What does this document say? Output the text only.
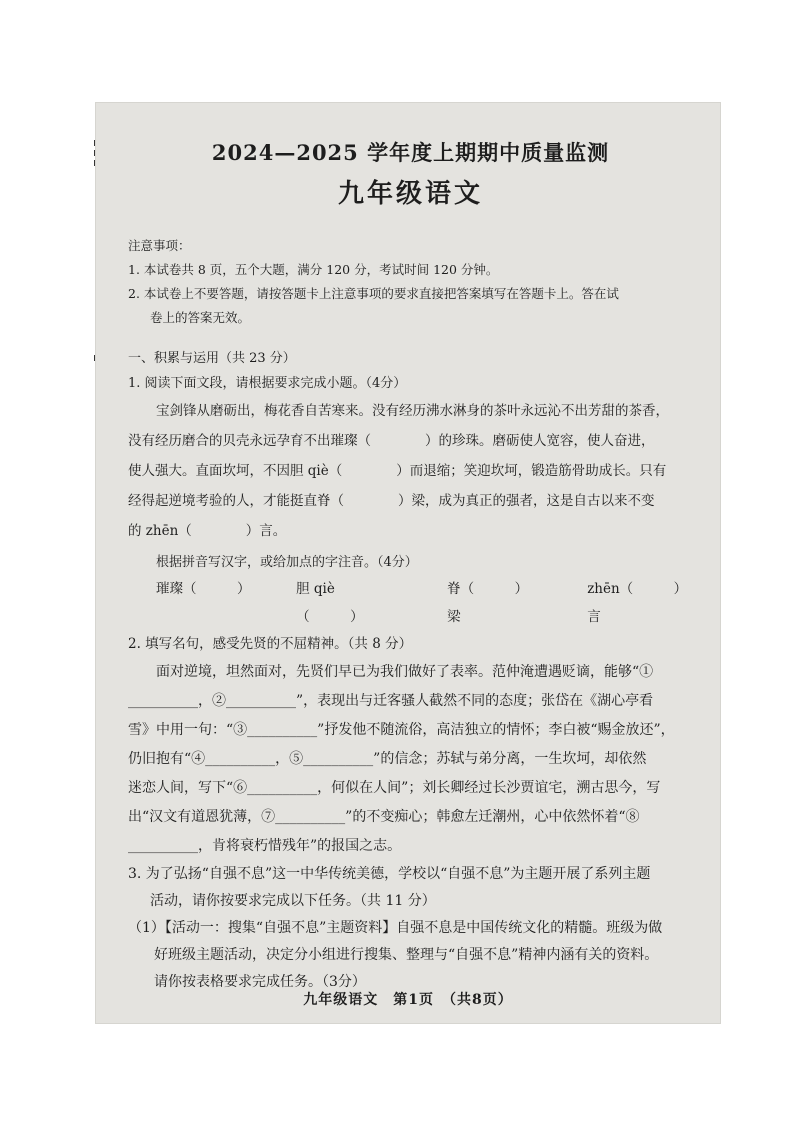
2024—2025 学年度上期期中质量监测
九年级语文
注意事项：

1. 本试卷共 8 页，五个大题，满分 120 分，考试时间 120 分钟。

2. 本试卷上不要答题，请按答题卡上注意事项的要求直接把答案填写在答题卡上。答在试

卷上的答案无效。

一、积累与运用（共 23 分）

1. 阅读下面文段，请根据要求完成小题。（4分）

宝剑锋从磨砺出，梅花香自苦寒来。没有经历沸水淋身的茶叶永远沁不出芳甜的茶香，

没有经历磨合的贝壳永远孕育不出璀璨（　　　　）的珍珠。磨砺使人宽容，使人奋进，

使人强大。直面坎坷，不因胆 qiè（　　　　）而退缩；笑迎坎坷，锻造筋骨助成长。只有

经得起逆境考验的人，才能挺直脊（　　　　）梁，成为真正的强者，这是自古以来不变

的 zhēn（　　　　）言。

根据拼音写汉字，或给加点的字注音。（4分）

璀璨（　　　）	胆 qiè（　　　）
脊（　　　）梁
zhēn（　　　）言

2. 填写名句，感受先贤的不屈精神。（共 8 分）

面对逆境，坦然面对，先贤们早已为我们做好了表率。范仲淹遭遇贬谪，能够“①

__________，②__________”，表现出与迁客骚人截然不同的态度；张岱在《湖心亭看

雪》中用一句：“③__________”抒发他不随流俗，高洁独立的情怀；李白被“赐金放还”，

仍旧抱有“④__________，⑤__________”的信念；苏轼与弟分离，一生坎坷，却依然

迷恋人间，写下“⑥__________，何似在人间”；刘长卿经过长沙贾谊宅，溯古思今，写

出“汉文有道恩犹薄，⑦__________”的不变痴心；韩愈左迁潮州，心中依然怀着“⑧

__________，肯将衰朽惜残年”的报国之志。

3. 为了弘扬“自强不息”这一中华传统美德，学校以“自强不息”为主题开展了系列主题

活动，请你按要求完成以下任务。（共 11 分）

（1）【活动一：搜集“自强不息”主题资料】自强不息是中国传统文化的精髓。班级为做

好班级主题活动，决定分小组进行搜集、整理与“自强不息”精神内涵有关的资料。

请你按表格要求完成任务。（3分）

九年级语文　第1页　（共8页）
